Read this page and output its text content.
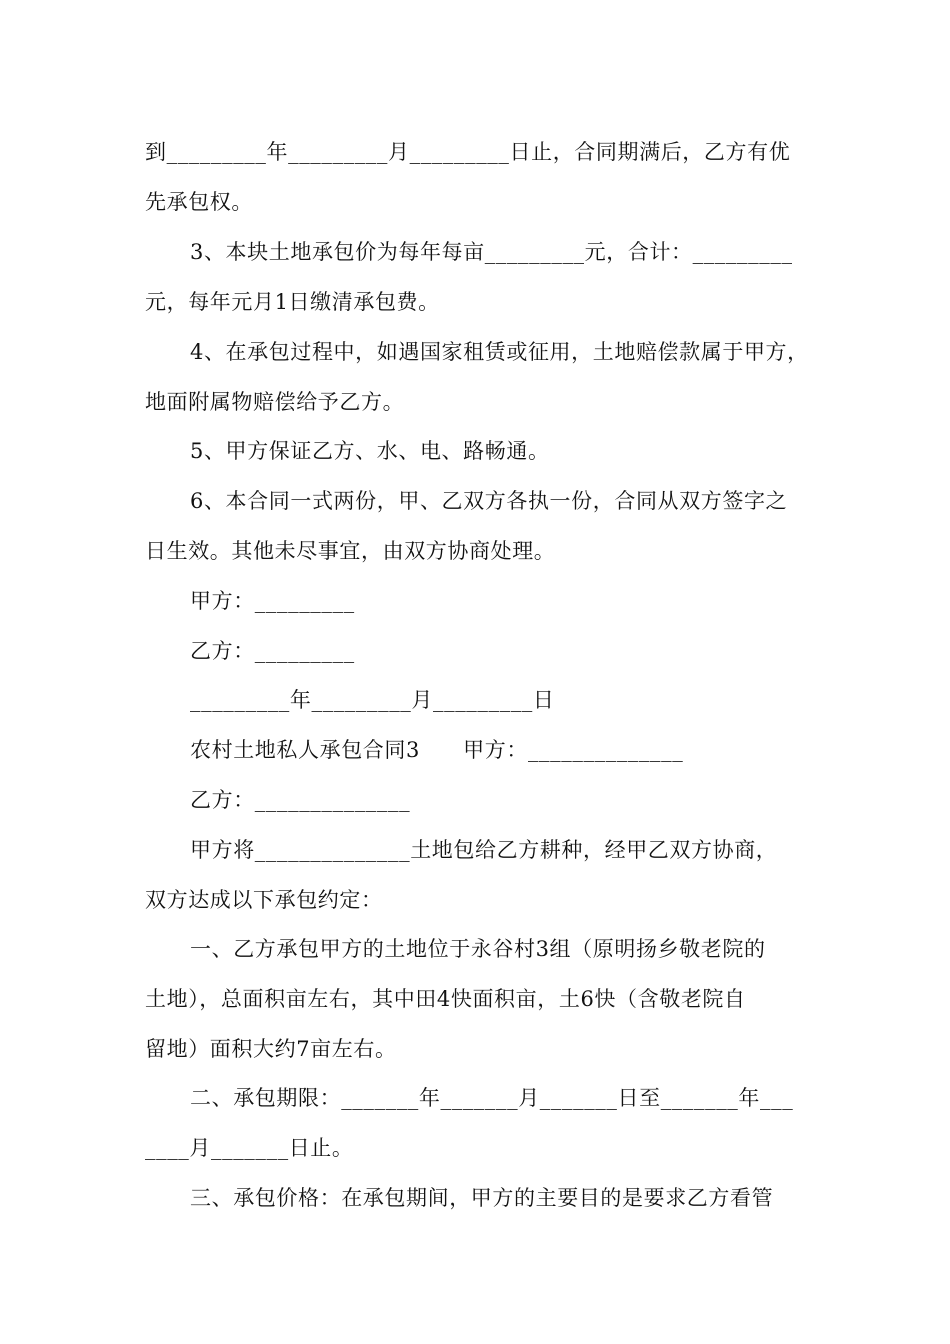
到_________年_________月_________日止，合同期满后，乙方有优
先承包权。
3、本块土地承包价为每年每亩_________元，合计：_________
元，每年元月1日缴清承包费。
4、在承包过程中，如遇国家租赁或征用，土地赔偿款属于甲方，
地面附属物赔偿给予乙方。
5、甲方保证乙方、水、电、路畅通。
6、本合同一式两份，甲、乙双方各执一份，合同从双方签字之
日生效。其他未尽事宜，由双方协商处理。
甲方：_________
乙方：_________
_________年_________月_________日
农村土地私人承包合同3　　甲方：______________
乙方：______________
甲方将______________土地包给乙方耕种，经甲乙双方协商，
双方达成以下承包约定：
一、乙方承包甲方的土地位于永谷村3组（原明扬乡敬老院的
土地），总面积亩左右，其中田4快面积亩，土6快（含敬老院自
留地）面积大约7亩左右。
二、承包期限：_______年_______月_______日至_______年___
____月_______日止。
三、承包价格：在承包期间，甲方的主要目的是要求乙方看管
